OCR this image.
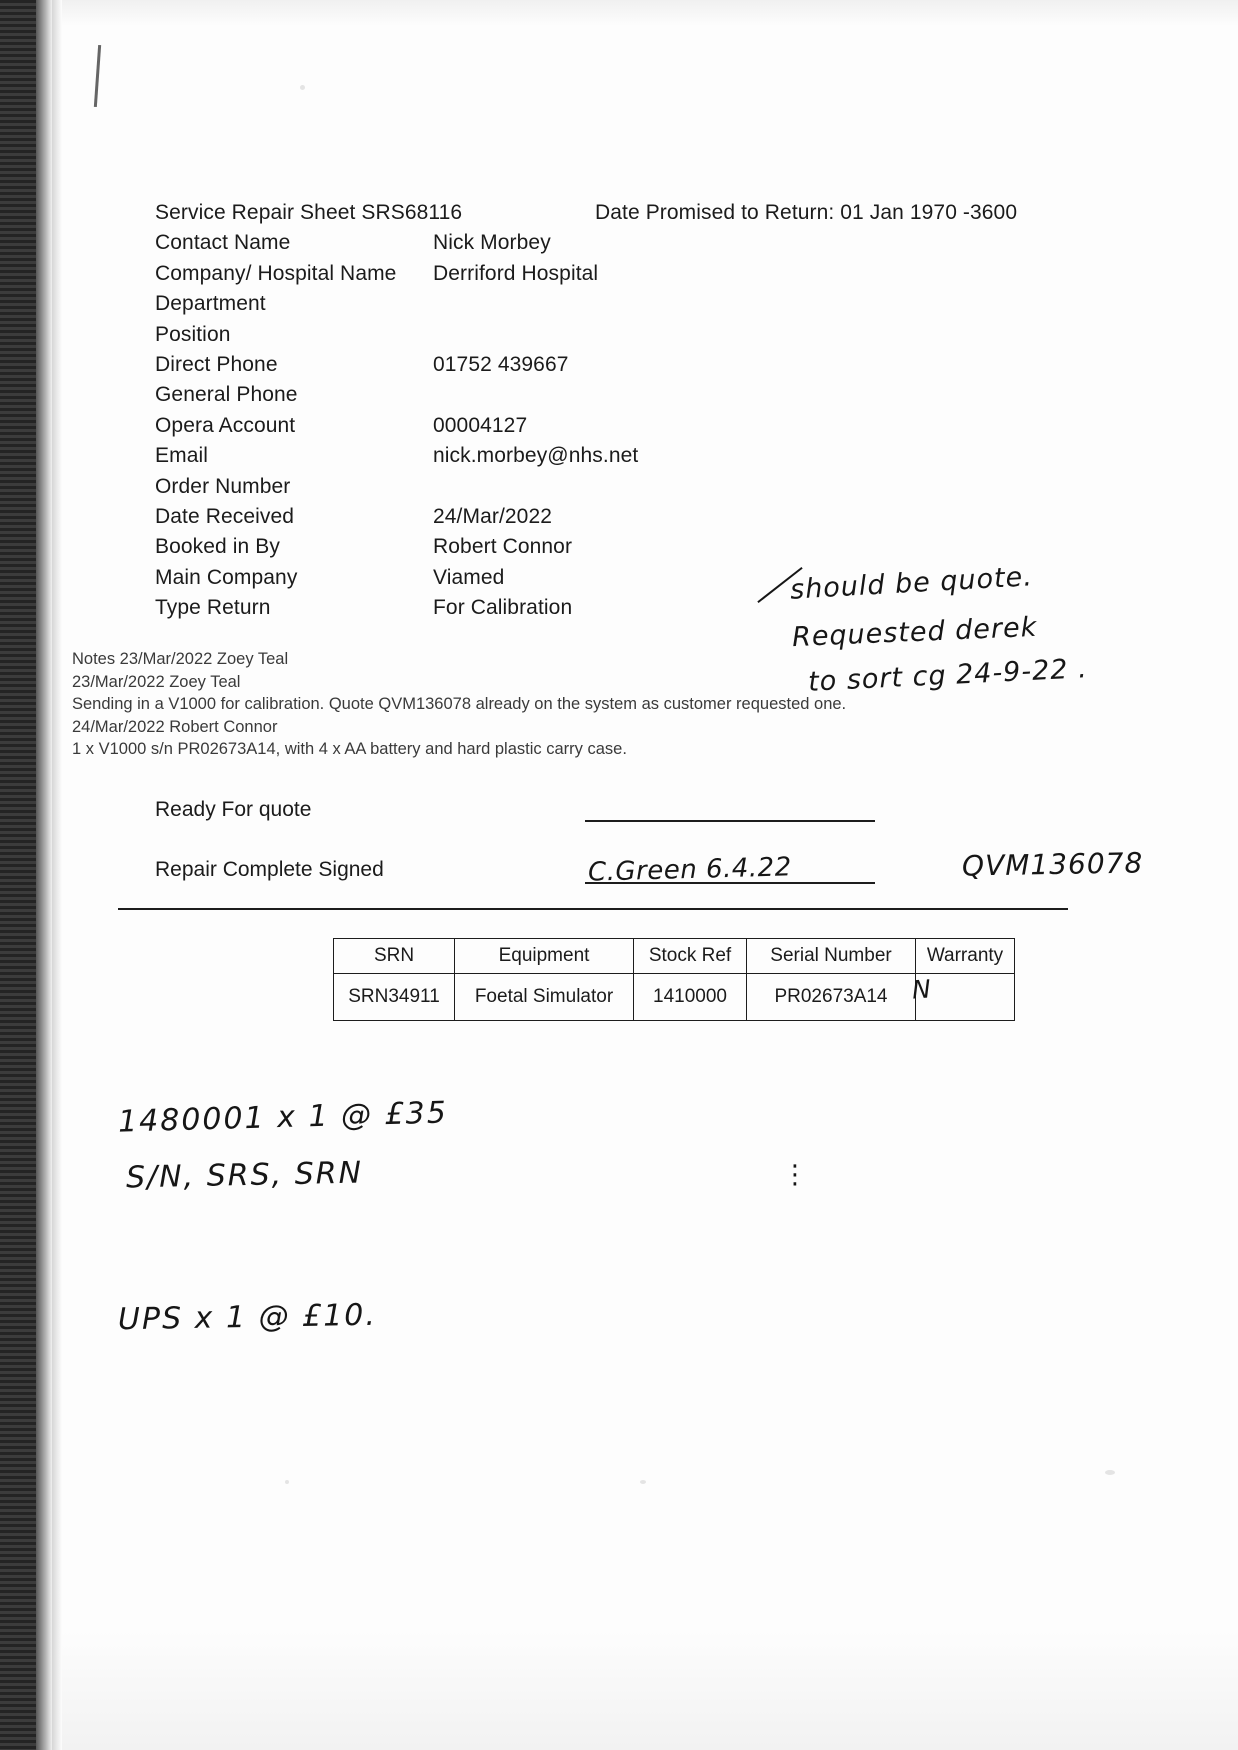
Service Repair Sheet SRS68116	Date Promised to Return: 01 Jan 1970 -3600
Contact Name	Nick Morbey
Company/ Hospital Name	Derriford Hospital
Department
Position
Direct Phone	01752 439667
General Phone
Opera Account	00004127
Email	nick.morbey@nhs.net
Order Number
Date Received	24/Mar/2022
Booked in By	Robert Connor
Main Company	Viamed
Type Return	For Calibration
should be quote.
Requested derek
to sort cg 24-9-22 .
Notes 23/Mar/2022 Zoey Teal
23/Mar/2022 Zoey Teal
Sending in a V1000 for calibration. Quote QVM136078 already on the system as customer requested one.
24/Mar/2022 Robert Connor
1 x V1000 s/n PR02673A14, with 4 x AA battery and hard plastic carry case.
Ready For quote
Repair Complete Signed	C.Green 6.4.22	QVM136078
SRN	Equipment	Stock Ref	Serial Number	Warranty
SRN34911	Foetal Simulator	1410000	PR02673A14	N
1480001 x 1 @ £35
S/N, SRS, SRN	⋮
UPS x 1 @ £10.
